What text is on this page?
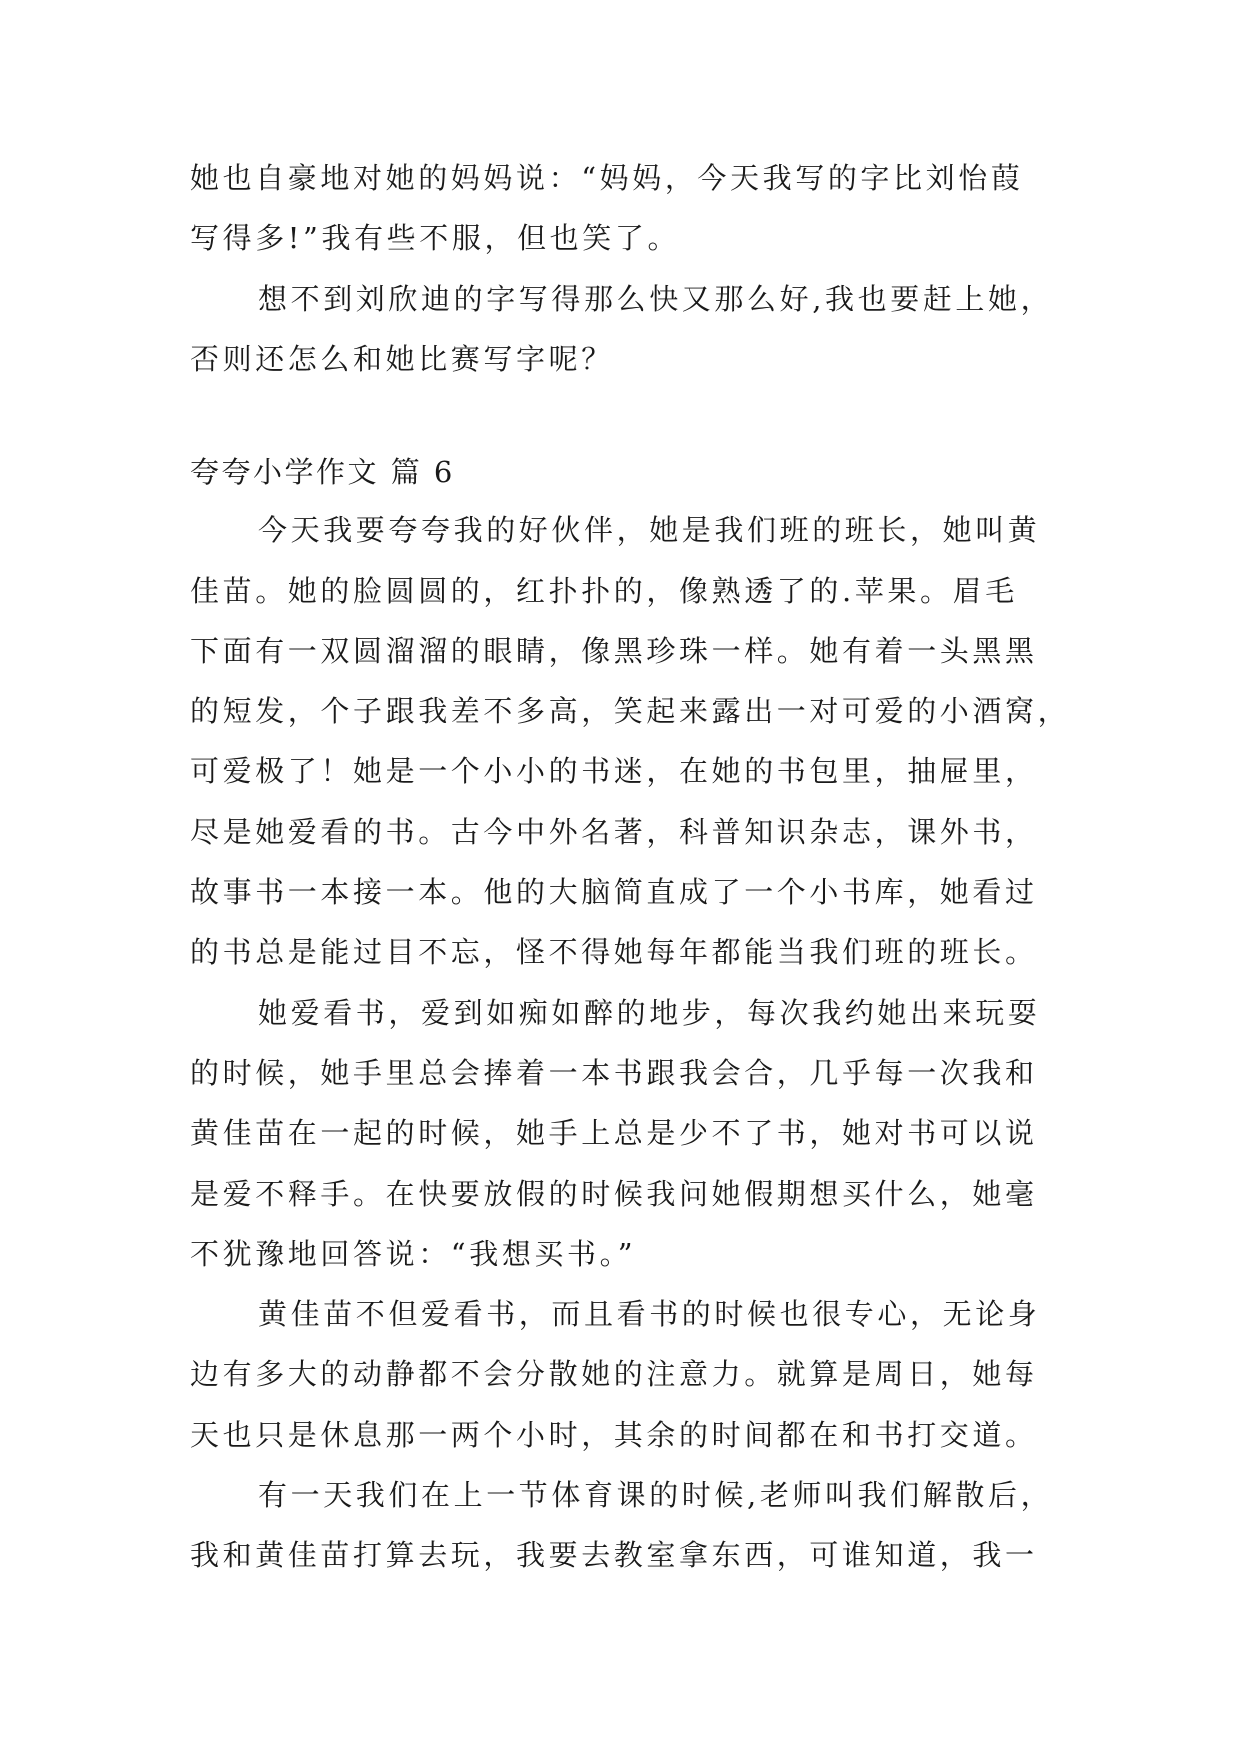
她也自豪地对她的妈妈说：“妈妈，今天我写的字比刘怡葭
写得多!”我有些不服，但也笑了。
想不到刘欣迪的字写得那么快又那么好,我也要赶上她，
否则还怎么和她比赛写字呢？
夸夸小学作文 篇 6
今天我要夸夸我的好伙伴，她是我们班的班长，她叫黄
佳苗。她的脸圆圆的，红扑扑的，像熟透了的.苹果。眉毛
下面有一双圆溜溜的眼睛，像黑珍珠一样。她有着一头黑黑
的短发，个子跟我差不多高，笑起来露出一对可爱的小酒窝，
可爱极了！她是一个小小的书迷，在她的书包里，抽屉里，
尽是她爱看的书。古今中外名著，科普知识杂志，课外书，
故事书一本接一本。他的大脑简直成了一个小书库，她看过
的书总是能过目不忘，怪不得她每年都能当我们班的班长。
她爱看书，爱到如痴如醉的地步，每次我约她出来玩耍
的时候，她手里总会捧着一本书跟我会合，几乎每一次我和
黄佳苗在一起的时候，她手上总是少不了书，她对书可以说
是爱不释手。在快要放假的时候我问她假期想买什么，她毫
不犹豫地回答说：“我想买书。”
黄佳苗不但爱看书，而且看书的时候也很专心，无论身
边有多大的动静都不会分散她的注意力。就算是周日，她每
天也只是休息那一两个小时，其余的时间都在和书打交道。
有一天我们在上一节体育课的时候,老师叫我们解散后，
我和黄佳苗打算去玩，我要去教室拿东西，可谁知道，我一
